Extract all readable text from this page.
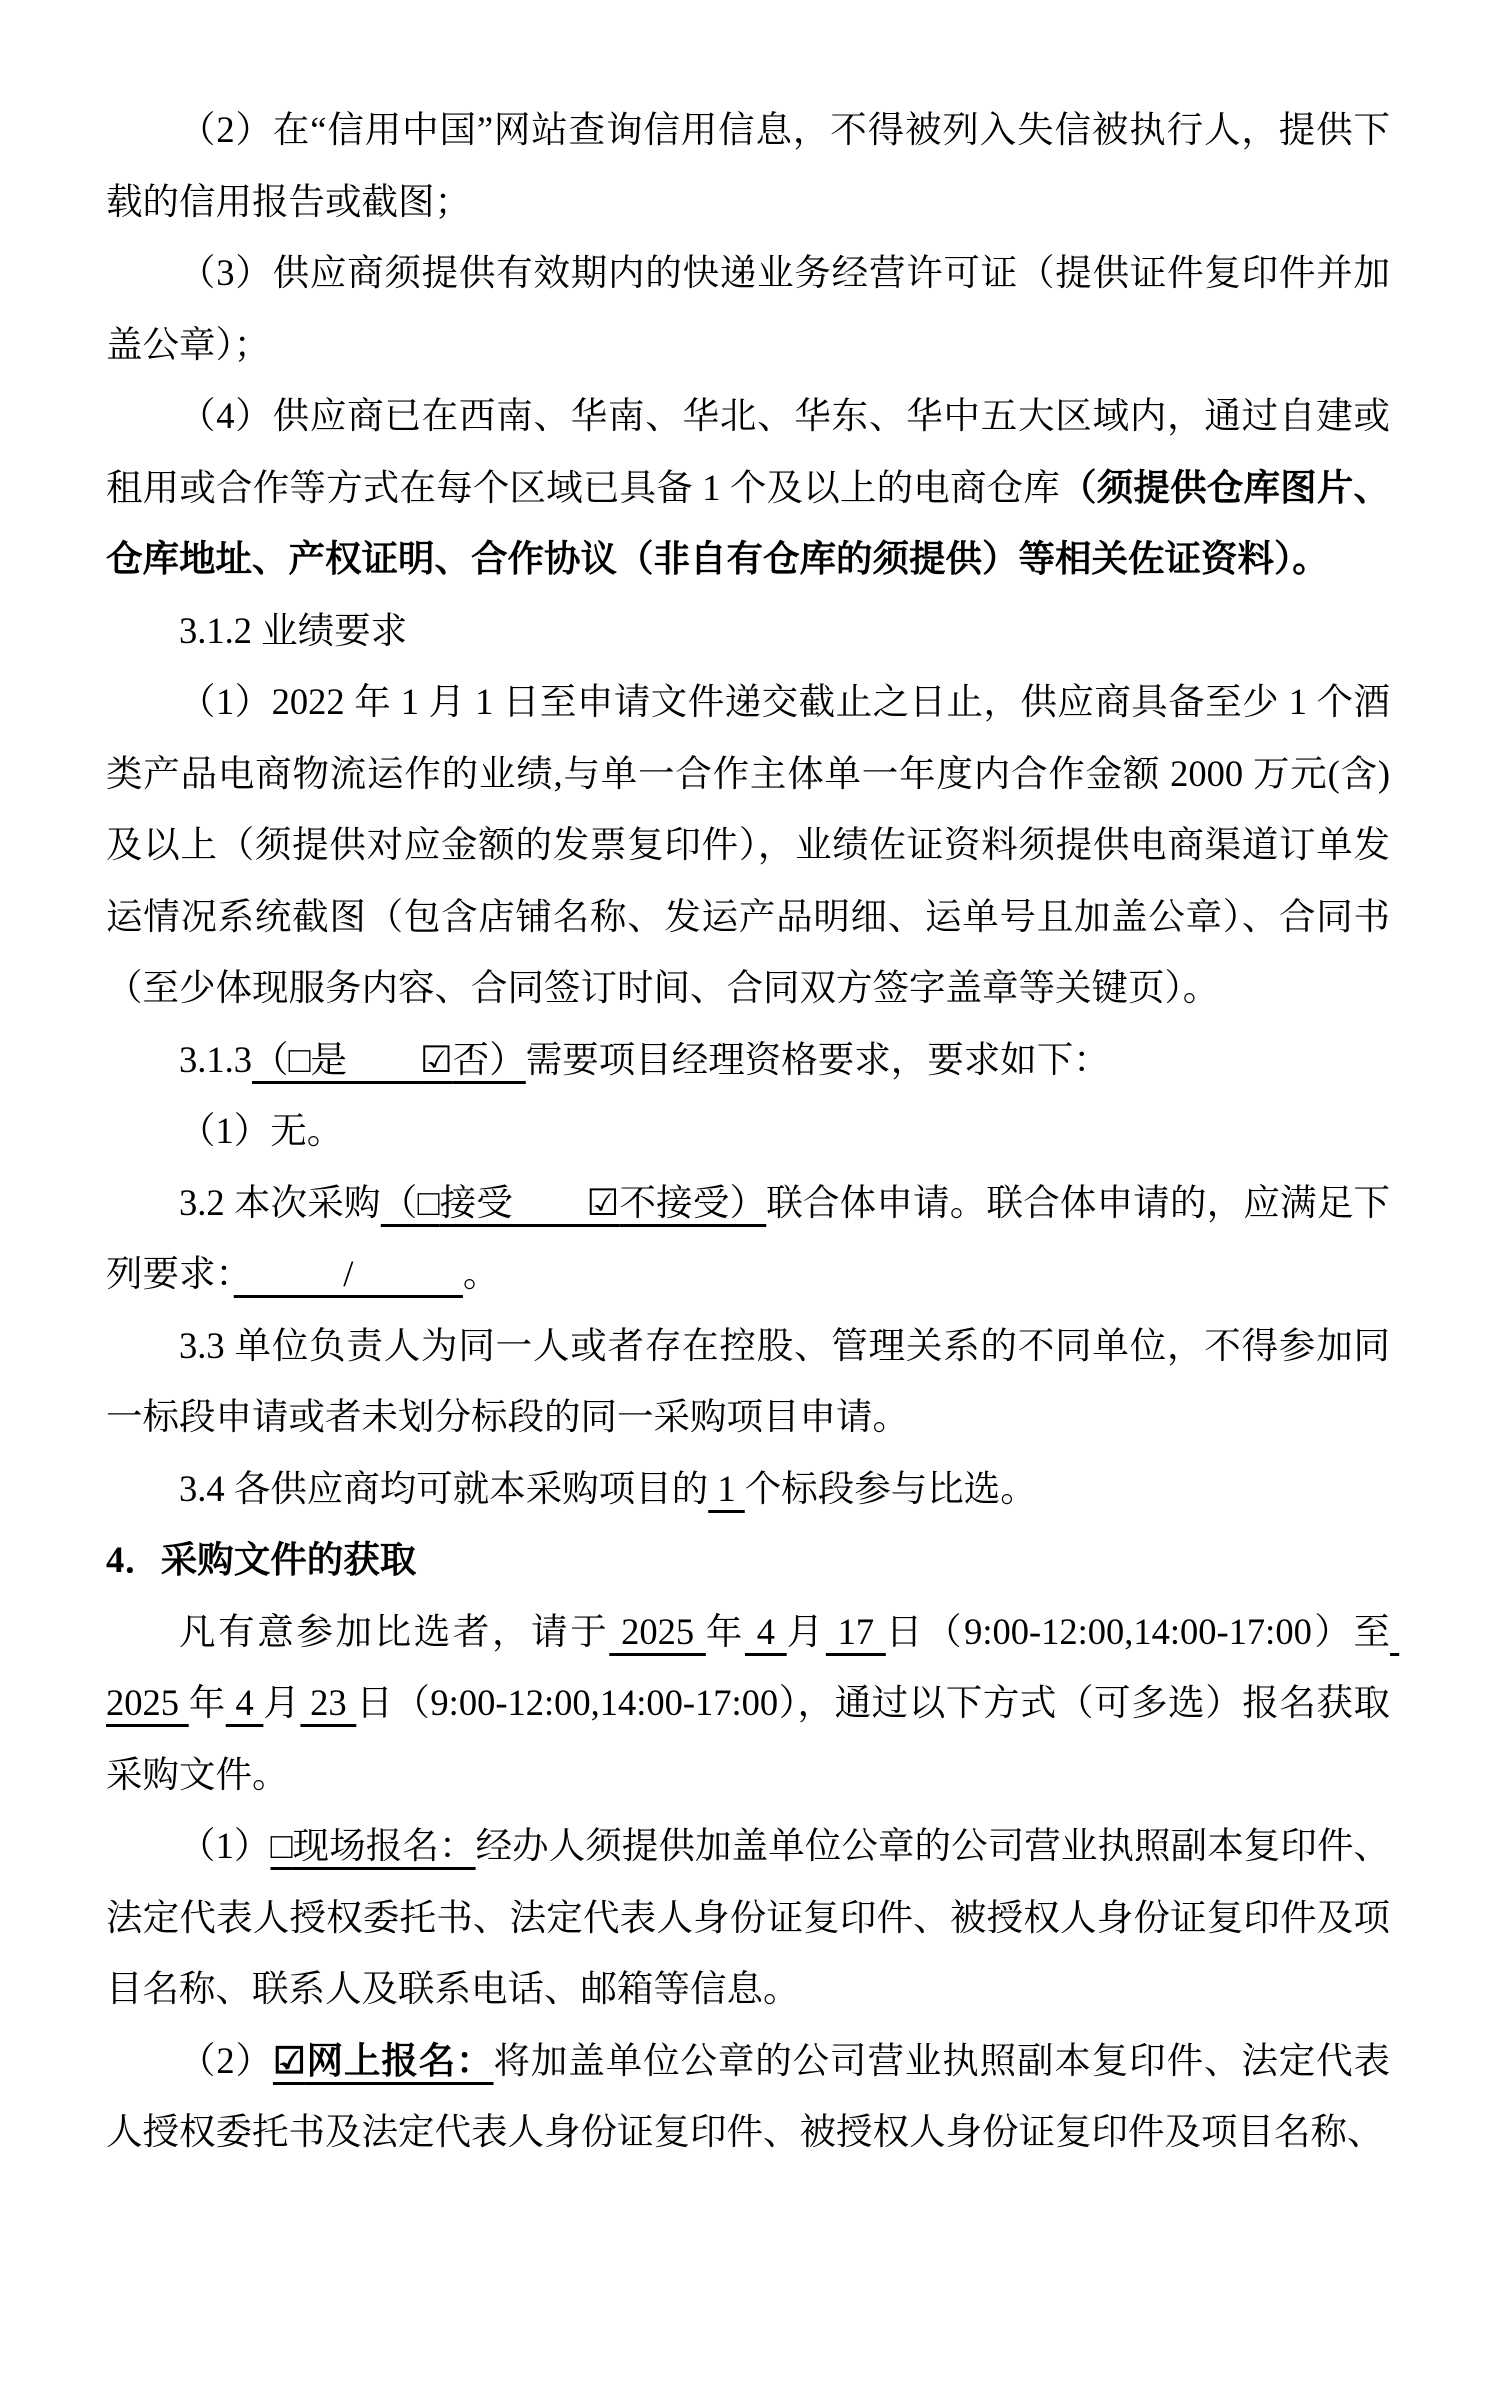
（2）在“信用中国”网站查询信用信息，不得被列入失信被执行人，提供下载的信用报告或截图；

（3）供应商须提供有效期内的快递业务经营许可证（提供证件复印件并加盖公章）；

（4）供应商已在西南、华南、华北、华东、华中五大区域内，通过自建或租用或合作等方式在每个区域已具备 1 个及以上的电商仓库（须提供仓库图片、仓库地址、产权证明、合作协议（非自有仓库的须提供）等相关佐证资料）。

3.1.2 业绩要求

（1）2022 年 1 月 1 日至申请文件递交截止之日止，供应商具备至少 1 个酒类产品电商物流运作的业绩,与单一合作主体单一年度内合作金额 2000 万元(含)及以上（须提供对应金额的发票复印件），业绩佐证资料须提供电商渠道订单发运情况系统截图（包含店铺名称、发运产品明细、运单号且加盖公章）、合同书（至少体现服务内容、合同签订时间、合同双方签字盖章等关键页）。

3.1.3（□是　　☑否）需要项目经理资格要求，要求如下：

（1）无。

3.2 本次采购（□接受　　☑不接受）联合体申请。联合体申请的，应满足下列要求：　　　/　　　。

3.3 单位负责人为同一人或者存在控股、管理关系的不同单位，不得参加同一标段申请或者未划分标段的同一采购项目申请。

3.4 各供应商均可就本采购项目的 1 个标段参与比选。

4．采购文件的获取

凡有意参加比选者，请于 2025 年 4 月 17 日（9:00-12:00,14:00-17:00）至 2025 年 4 月 23 日（9:00-12:00,14:00-17:00），通过以下方式（可多选）报名获取采购文件。

（1）□现场报名：经办人须提供加盖单位公章的公司营业执照副本复印件、法定代表人授权委托书、法定代表人身份证复印件、被授权人身份证复印件及项目名称、联系人及联系电话、邮箱等信息。

（2）☑网上报名：将加盖单位公章的公司营业执照副本复印件、法定代表人授权委托书及法定代表人身份证复印件、被授权人身份证复印件及项目名称、
